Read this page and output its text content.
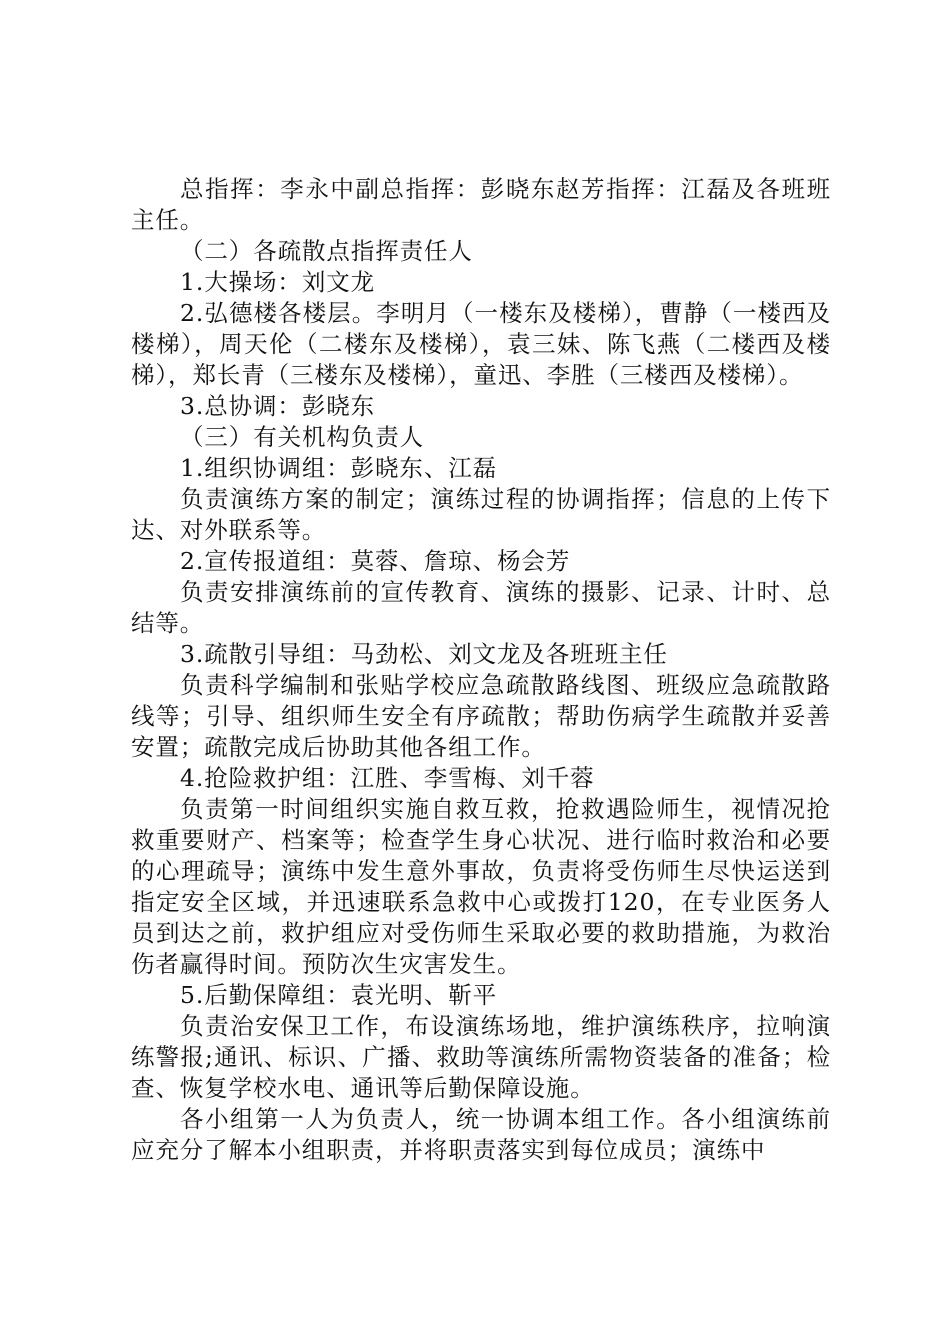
总指挥：李永中副总指挥：彭晓东赵芳指挥：江磊及各班班主任。

（二）各疏散点指挥责任人

1.大操场：刘文龙

2.弘德楼各楼层。李明月（一楼东及楼梯），曹静（一楼西及楼梯），周天伦（二楼东及楼梯），袁三妹、陈飞燕（二楼西及楼梯），郑长青（三楼东及楼梯），童迅、李胜（三楼西及楼梯）。

3.总协调：彭晓东

（三）有关机构负责人

1.组织协调组：彭晓东、江磊

负责演练方案的制定；演练过程的协调指挥；信息的上传下达、对外联系等。

2.宣传报道组：莫蓉、詹琼、杨会芳

负责安排演练前的宣传教育、演练的摄影、记录、计时、总结等。

3.疏散引导组：马劲松、刘文龙及各班班主任

负责科学编制和张贴学校应急疏散路线图、班级应急疏散路线等；引导、组织师生安全有序疏散；帮助伤病学生疏散并妥善安置；疏散完成后协助其他各组工作。

4.抢险救护组：江胜、李雪梅、刘千蓉

负责第一时间组织实施自救互救，抢救遇险师生，视情况抢救重要财产、档案等；检查学生身心状况、进行临时救治和必要的心理疏导；演练中发生意外事故，负责将受伤师生尽快运送到指定安全区域，并迅速联系急救中心或拨打120，在专业医务人员到达之前，救护组应对受伤师生采取必要的救助措施，为救治伤者赢得时间。预防次生灾害发生。

5.后勤保障组：袁光明、靳平

负责治安保卫工作，布设演练场地，维护演练秩序，拉响演练警报;通讯、标识、广播、救助等演练所需物资装备的准备；检查、恢复学校水电、通讯等后勤保障设施。

各小组第一人为负责人，统一协调本组工作。各小组演练前应充分了解本小组职责，并将职责落实到每位成员；演练中
